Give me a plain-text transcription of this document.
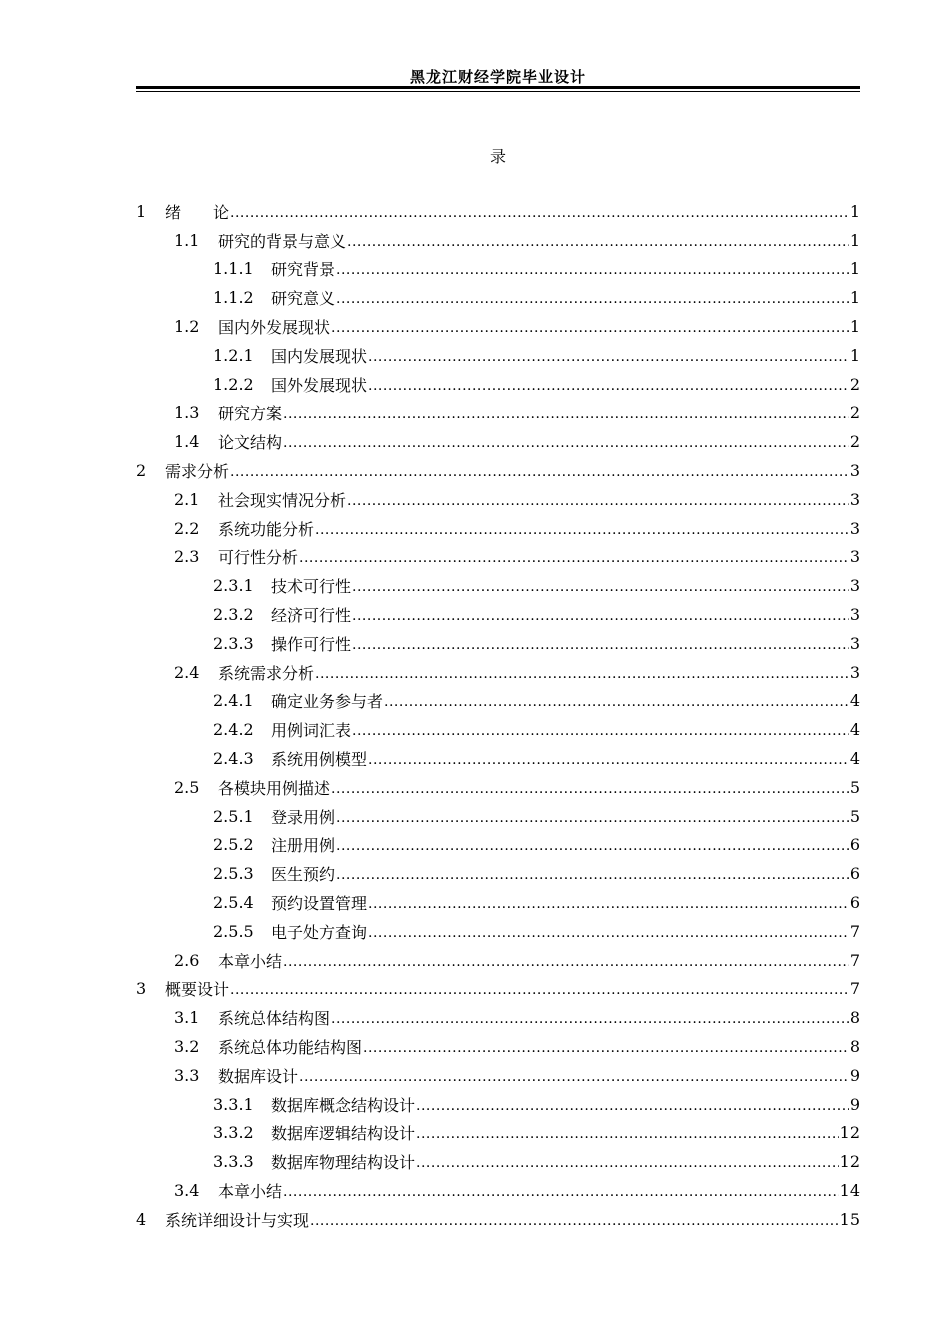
黑龙江财经学院毕业设计
录
1	绪　　论 .....	1
1.1	研究的背景与意义 .....	1
1.1.1	研究背景 .....	1
1.1.2	研究意义 .....	1
1.2	国内外发展现状 .....	1
1.2.1	国内发展现状 .....	1
1.2.2	国外发展现状 .....	2
1.3	研究方案 .....	2
1.4	论文结构 .....	2
2	需求分析 .....	3
2.1	社会现实情况分析 .....	3
2.2	系统功能分析 .....	3
2.3	可行性分析 .....	3
2.3.1	技术可行性 .....	3
2.3.2	经济可行性 .....	3
2.3.3	操作可行性 .....	3
2.4	系统需求分析 .....	3
2.4.1	确定业务参与者 .....	4
2.4.2	用例词汇表 .....	4
2.4.3	系统用例模型 .....	4
2.5	各模块用例描述 .....	5
2.5.1	登录用例 .....	5
2.5.2	注册用例 .....	6
2.5.3	医生预约 .....	6
2.5.4	预约设置管理 .....	6
2.5.5	电子处方查询 .....	7
2.6	本章小结 .....	7
3	概要设计 .....	7
3.1	系统总体结构图 .....	8
3.2	系统总体功能结构图 .....	8
3.3	数据库设计 .....	9
3.3.1	数据库概念结构设计 .....	9
3.3.2	数据库逻辑结构设计 .....	12
3.3.3	数据库物理结构设计 .....	12
3.4	本章小结 .....	14
4	系统详细设计与实现 .....	15
